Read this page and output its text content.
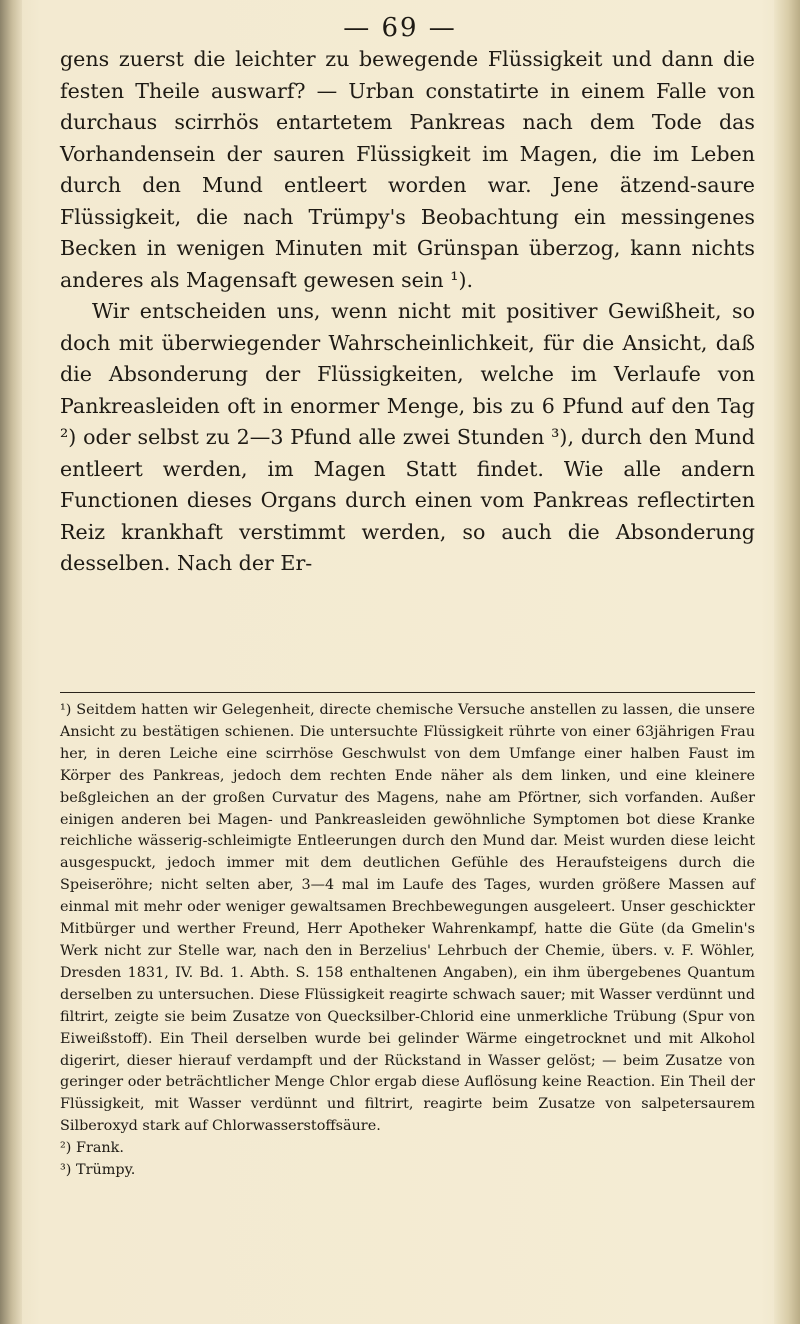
— 69 —

gens zuerst die leichter zu bewegende Flüssigkeit und dann die festen Theile auswarf? — Urban constatirte in einem Falle von durchaus scirrhös entartetem Pankreas nach dem Tode das Vorhandensein der sauren Flüssigkeit im Magen, die im Leben durch den Mund entleert worden war. Jene ätzend-saure Flüssigkeit, die nach Trümpy's Beobachtung ein messingenes Becken in wenigen Minuten mit Grünspan überzog, kann nichts anderes als Magensaft gewesen sein ¹).

Wir entscheiden uns, wenn nicht mit positiver Gewißheit, so doch mit überwiegender Wahrscheinlichkeit, für die Ansicht, daß die Absonderung der Flüssigkeiten, welche im Verlaufe von Pankreasleiden oft in enormer Menge, bis zu 6 Pfund auf den Tag ²) oder selbst zu 2—3 Pfund alle zwei Stunden ³), durch den Mund entleert werden, im Magen Statt findet. Wie alle andern Functionen dieses Organs durch einen vom Pankreas reflectirten Reiz krankhaft verstimmt werden, so auch die Absonderung desselben. Nach der Er-

¹) Seitdem hatten wir Gelegenheit, directe chemische Versuche anstellen zu lassen, die unsere Ansicht zu bestätigen schienen. Die untersuchte Flüssigkeit rührte von einer 63jährigen Frau her, in deren Leiche eine scirrhöse Geschwulst von dem Umfange einer halben Faust im Körper des Pankreas, jedoch dem rechten Ende näher als dem linken, und eine kleinere beßgleichen an der großen Curvatur des Magens, nahe am Pförtner, sich vorfanden. Außer einigen anderen bei Magen- und Pankreasleiden gewöhnliche Symptomen bot diese Kranke reichliche wässerig-schleimigte Entleerungen durch den Mund dar. Meist wurden diese leicht ausgespuckt, jedoch immer mit dem deutlichen Gefühle des Heraufsteigens durch die Speiseröhre; nicht selten aber, 3—4 mal im Laufe des Tages, wurden größere Massen auf einmal mit mehr oder weniger gewaltsamen Brechbewegungen ausgeleert. Unser geschickter Mitbürger und werther Freund, Herr Apotheker Wahrenkampf, hatte die Güte (da Gmelin's Werk nicht zur Stelle war, nach den in Berzelius' Lehrbuch der Chemie, übers. v. F. Wöhler, Dresden 1831, IV. Bd. 1. Abth. S. 158 enthaltenen Angaben), ein ihm übergebenes Quantum derselben zu untersuchen. Diese Flüssigkeit reagirte schwach sauer; mit Wasser verdünnt und filtrirt, zeigte sie beim Zusatze von Quecksilber-Chlorid eine unmerkliche Trübung (Spur von Eiweißstoff). Ein Theil derselben wurde bei gelinder Wärme eingetrocknet und mit Alkohol digerirt, dieser hierauf verdampft und der Rückstand in Wasser gelöst; — beim Zusatze von geringer oder beträchtlicher Menge Chlor ergab diese Auflösung keine Reaction. Ein Theil der Flüssigkeit, mit Wasser verdünnt und filtrirt, reagirte beim Zusatze von salpetersaurem Silberoxyd stark auf Chlorwasserstoffsäure.

²) Frank.

³) Trümpy.
